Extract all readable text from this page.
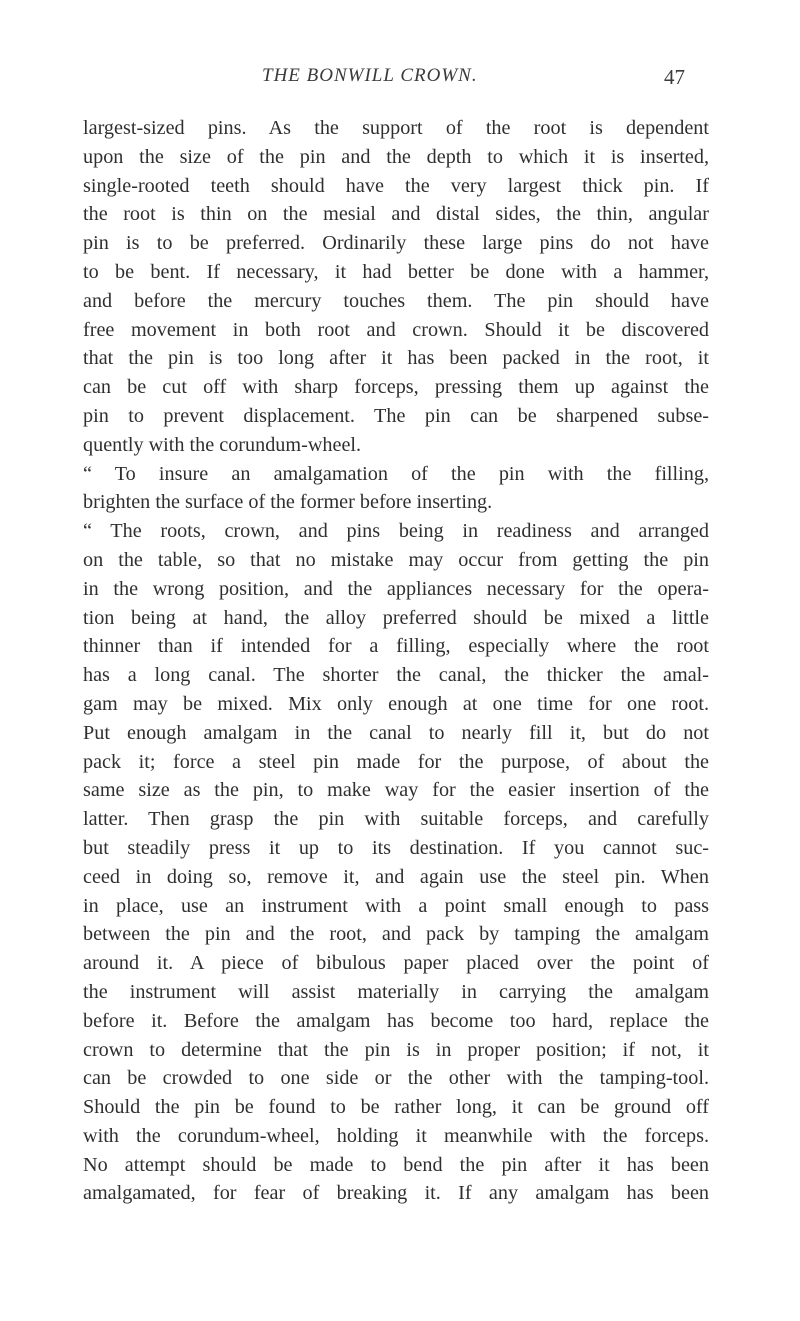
THE BONWILL CROWN.	47
largest-sized pins. As the support of the root is dependent
upon the size of the pin and the depth to which it is inserted,
single-rooted teeth should have the very largest thick pin. If
the root is thin on the mesial and distal sides, the thin, angular
pin is to be preferred. Ordinarily these large pins do not have
to be bent. If necessary, it had better be done with a hammer,
and before the mercury touches them. The pin should have
free movement in both root and crown. Should it be discovered
that the pin is too long after it has been packed in the root, it
can be cut off with sharp forceps, pressing them up against the
pin to prevent displacement. The pin can be sharpened subse-
quently with the corundum-wheel.
“ To insure an amalgamation of the pin with the filling,
brighten the surface of the former before inserting.
“ The roots, crown, and pins being in readiness and arranged
on the table, so that no mistake may occur from getting the pin
in the wrong position, and the appliances necessary for the opera-
tion being at hand, the alloy preferred should be mixed a little
thinner than if intended for a filling, especially where the root
has a long canal. The shorter the canal, the thicker the amal-
gam may be mixed. Mix only enough at one time for one root.
Put enough amalgam in the canal to nearly fill it, but do not
pack it; force a steel pin made for the purpose, of about the
same size as the pin, to make way for the easier insertion of the
latter. Then grasp the pin with suitable forceps, and carefully
but steadily press it up to its destination. If you cannot suc-
ceed in doing so, remove it, and again use the steel pin. When
in place, use an instrument with a point small enough to pass
between the pin and the root, and pack by tamping the amalgam
around it. A piece of bibulous paper placed over the point of
the instrument will assist materially in carrying the amalgam
before it. Before the amalgam has become too hard, replace the
crown to determine that the pin is in proper position; if not, it
can be crowded to one side or the other with the tamping-tool.
Should the pin be found to be rather long, it can be ground off
with the corundum-wheel, holding it meanwhile with the forceps.
No attempt should be made to bend the pin after it has been
amalgamated, for fear of breaking it. If any amalgam has been
